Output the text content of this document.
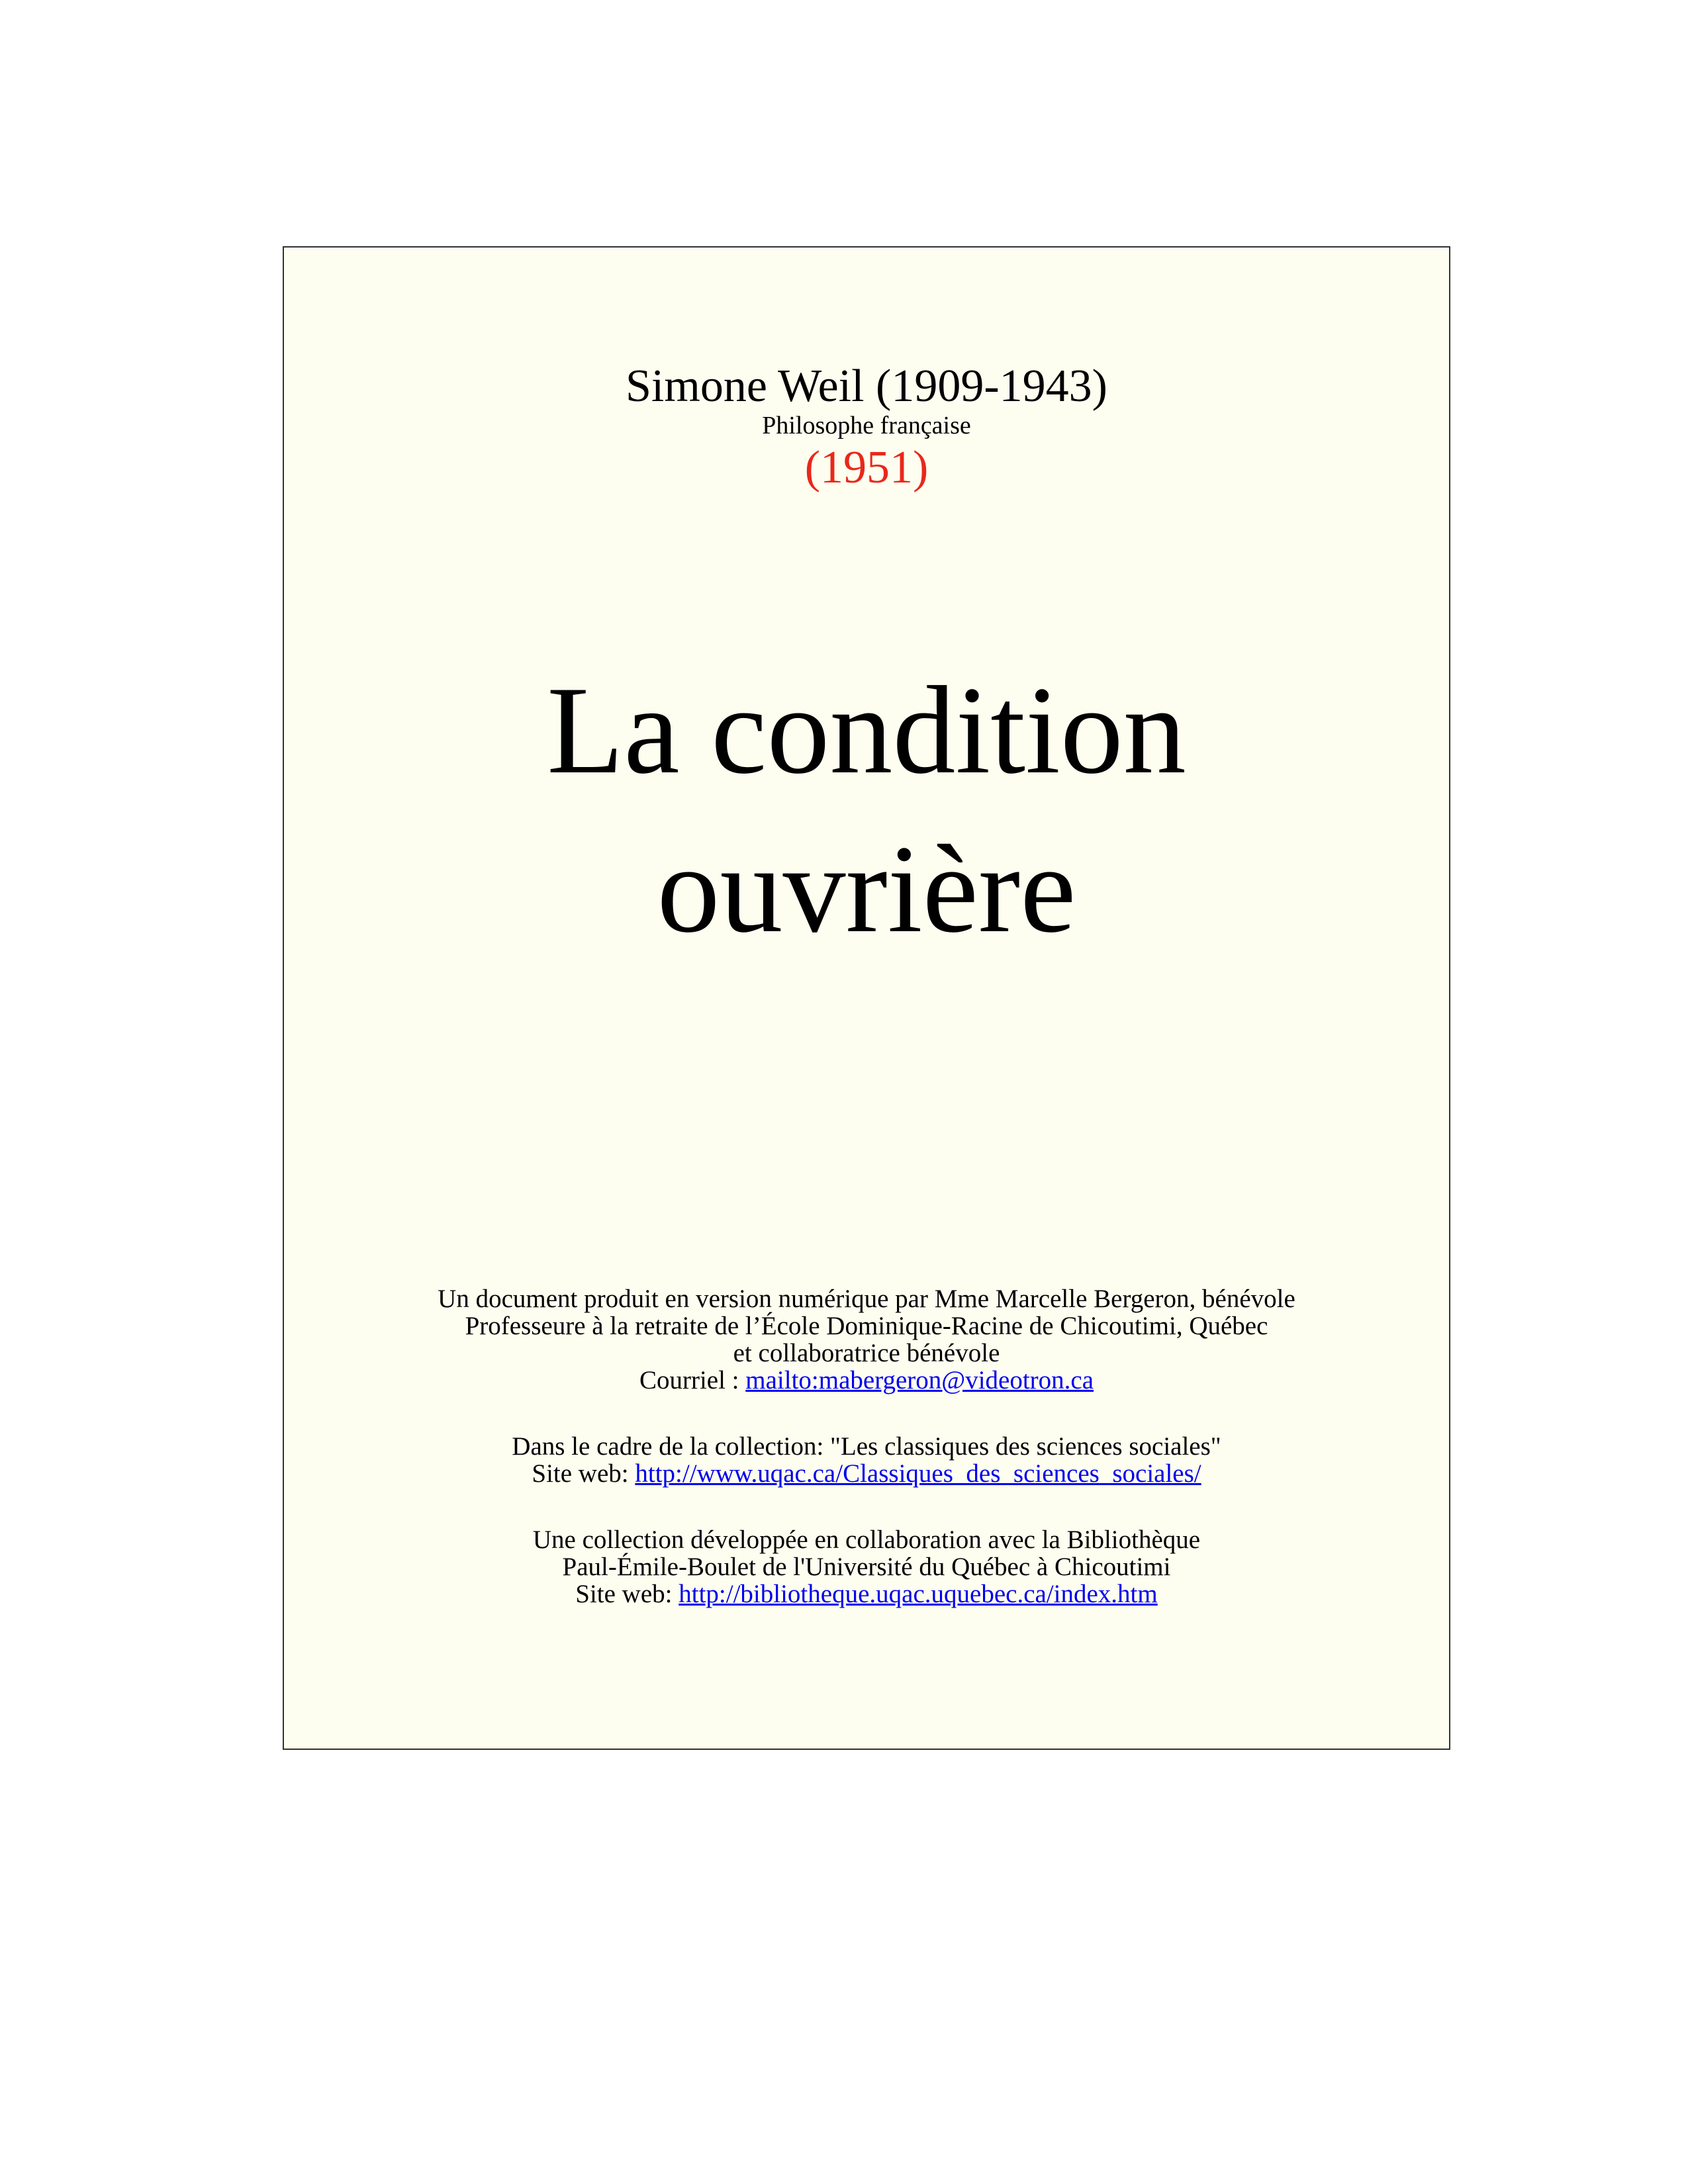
Simone Weil (1909-1943)
Philosophe française
(1951)
La condition
ouvrière
Un document produit en version numérique par Mme Marcelle Bergeron, bénévole
Professeure à la retraite de l’École Dominique-Racine de Chicoutimi, Québec
et collaboratrice bénévole
Courriel : mailto:mabergeron@videotron.ca
Dans le cadre de la collection: "Les classiques des sciences sociales"
Site web: http://www.uqac.ca/Classiques_des_sciences_sociales/
Une collection développée en collaboration avec la Bibliothèque
Paul-Émile-Boulet de l'Université du Québec à Chicoutimi
Site web: http://bibliotheque.uqac.uquebec.ca/index.htm
